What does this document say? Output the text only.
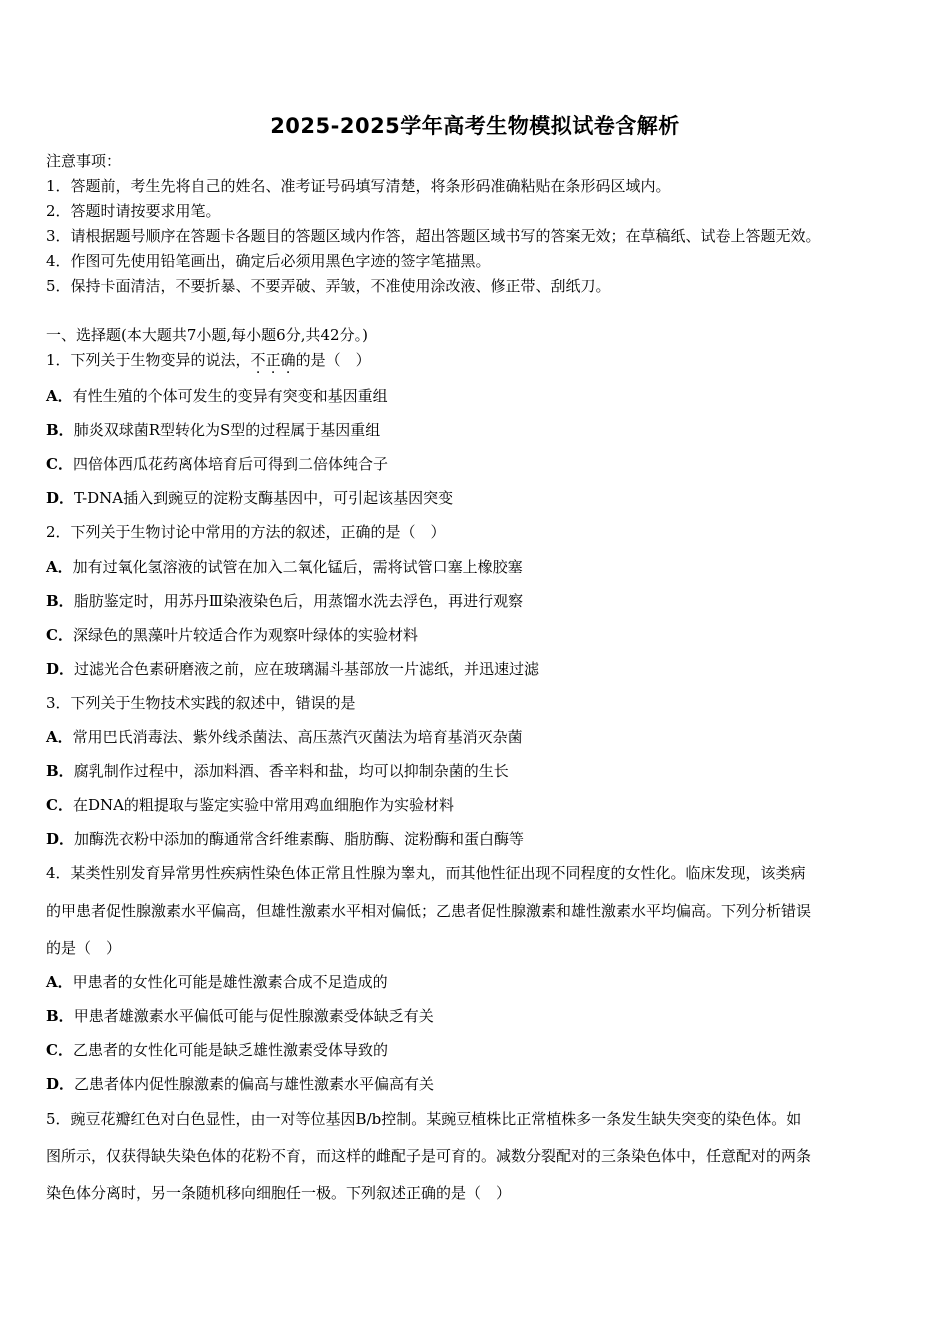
2025-2025学年高考生物模拟试卷含解析
注意事项：
1．答题前，考生先将自己的姓名、准考证号码填写清楚，将条形码准确粘贴在条形码区域内。
2．答题时请按要求用笔。
3．请根据题号顺序在答题卡各题目的答题区域内作答，超出答题区域书写的答案无效；在草稿纸、试卷上答题无效。
4．作图可先使用铅笔画出，确定后必须用黑色字迹的签字笔描黑。
5．保持卡面清洁，不要折暴、不要弄破、弄皱，不准使用涂改液、修正带、刮纸刀。
一、选择题(本大题共7小题,每小题6分,共42分。)
1．下列关于生物变异的说法，不正确的是（　）
A．有性生殖的个体可发生的变异有突变和基因重组
B．肺炎双球菌R型转化为S型的过程属于基因重组
C．四倍体西瓜花药离体培育后可得到二倍体纯合子
D．T-DNA插入到豌豆的淀粉支酶基因中，可引起该基因突变
2．下列关于生物讨论中常用的方法的叙述，正确的是（　）
A．加有过氧化氢溶液的试管在加入二氧化锰后，需将试管口塞上橡胶塞
B．脂肪鉴定时，用苏丹Ⅲ染液染色后，用蒸馏水洗去浮色，再进行观察
C．深绿色的黑藻叶片较适合作为观察叶绿体的实验材料
D．过滤光合色素研磨液之前，应在玻璃漏斗基部放一片滤纸，并迅速过滤
3．下列关于生物技术实践的叙述中，错误的是
A．常用巴氏消毒法、紫外线杀菌法、高压蒸汽灭菌法为培育基消灭杂菌
B．腐乳制作过程中，添加料酒、香辛料和盐，均可以抑制杂菌的生长
C．在DNA的粗提取与鉴定实验中常用鸡血细胞作为实验材料
D．加酶洗衣粉中添加的酶通常含纤维素酶、脂肪酶、淀粉酶和蛋白酶等
4．某类性别发育异常男性疾病性染色体正常且性腺为睾丸，而其他性征出现不同程度的女性化。临床发现，该类病
的甲患者促性腺激素水平偏高，但雄性激素水平相对偏低；乙患者促性腺激素和雄性激素水平均偏高。下列分析错误
的是（　）
A．甲患者的女性化可能是雄性激素合成不足造成的
B．甲患者雄激素水平偏低可能与促性腺激素受体缺乏有关
C．乙患者的女性化可能是缺乏雄性激素受体导致的
D．乙患者体内促性腺激素的偏高与雄性激素水平偏高有关
5．豌豆花瓣红色对白色显性，由一对等位基因B/b控制。某豌豆植株比正常植株多一条发生缺失突变的染色体。如
图所示，仅获得缺失染色体的花粉不育，而这样的雌配子是可育的。减数分裂配对的三条染色体中，任意配对的两条
染色体分离时，另一条随机移向细胞任一极。下列叙述正确的是（　）
